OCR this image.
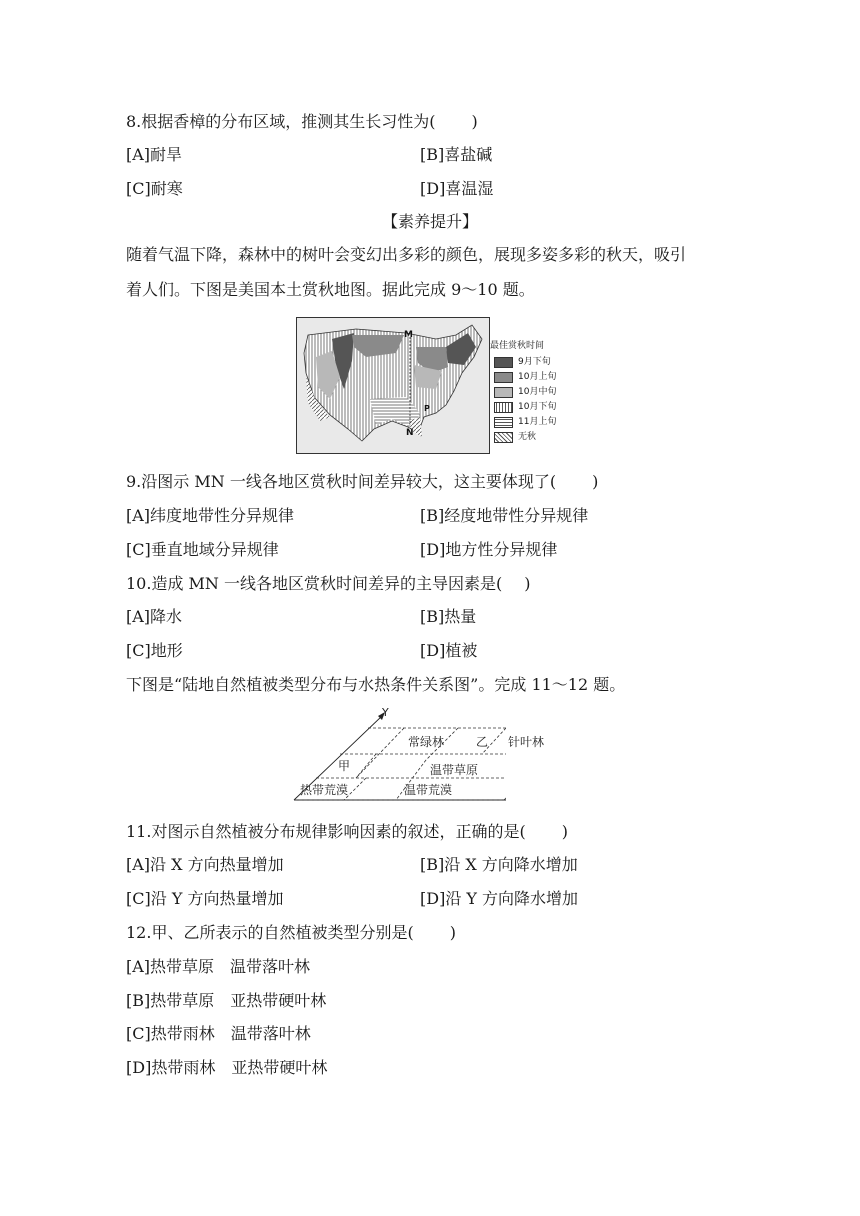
8.根据香樟的分布区域，推测其生长习性为( )
[A]耐旱	[B]喜盐碱
[C]耐寒	[D]喜温湿
【素养提升】
随着气温下降，森林中的树叶会变幻出多彩的颜色，展现多姿多彩的秋天，吸引
着人们。下图是美国本土赏秋地图。据此完成 9～10 题。
M
N
P
最佳赏秋时间
9月下旬
10月上旬
10月中旬
10月下旬
11月上旬
无秋
9.沿图示 MN 一线各地区赏秋时间差异较大，这主要体现了( )
[A]纬度地带性分异规律	[B]经度地带性分异规律
[C]垂直地域分异规律	[D]地方性分异规律
10.造成 MN 一线各地区赏秋时间差异的主导因素是( )
[A]降水	[B]热量
[C]地形	[D]植被
下图是“陆地自然植被类型分布与水热条件关系图”。完成 11～12 题。
Y
常绿林	乙 针叶林
甲	温带草原
热带荒漠	温带荒漠
11.对图示自然植被分布规律影响因素的叙述，正确的是( )
[A]沿 X 方向热量增加	[B]沿 X 方向降水增加
[C]沿 Y 方向热量增加	[D]沿 Y 方向降水增加
12.甲、乙所表示的自然植被类型分别是( )
[A]热带草原　温带落叶林
[B]热带草原　亚热带硬叶林
[C]热带雨林　温带落叶林
[D]热带雨林　亚热带硬叶林
